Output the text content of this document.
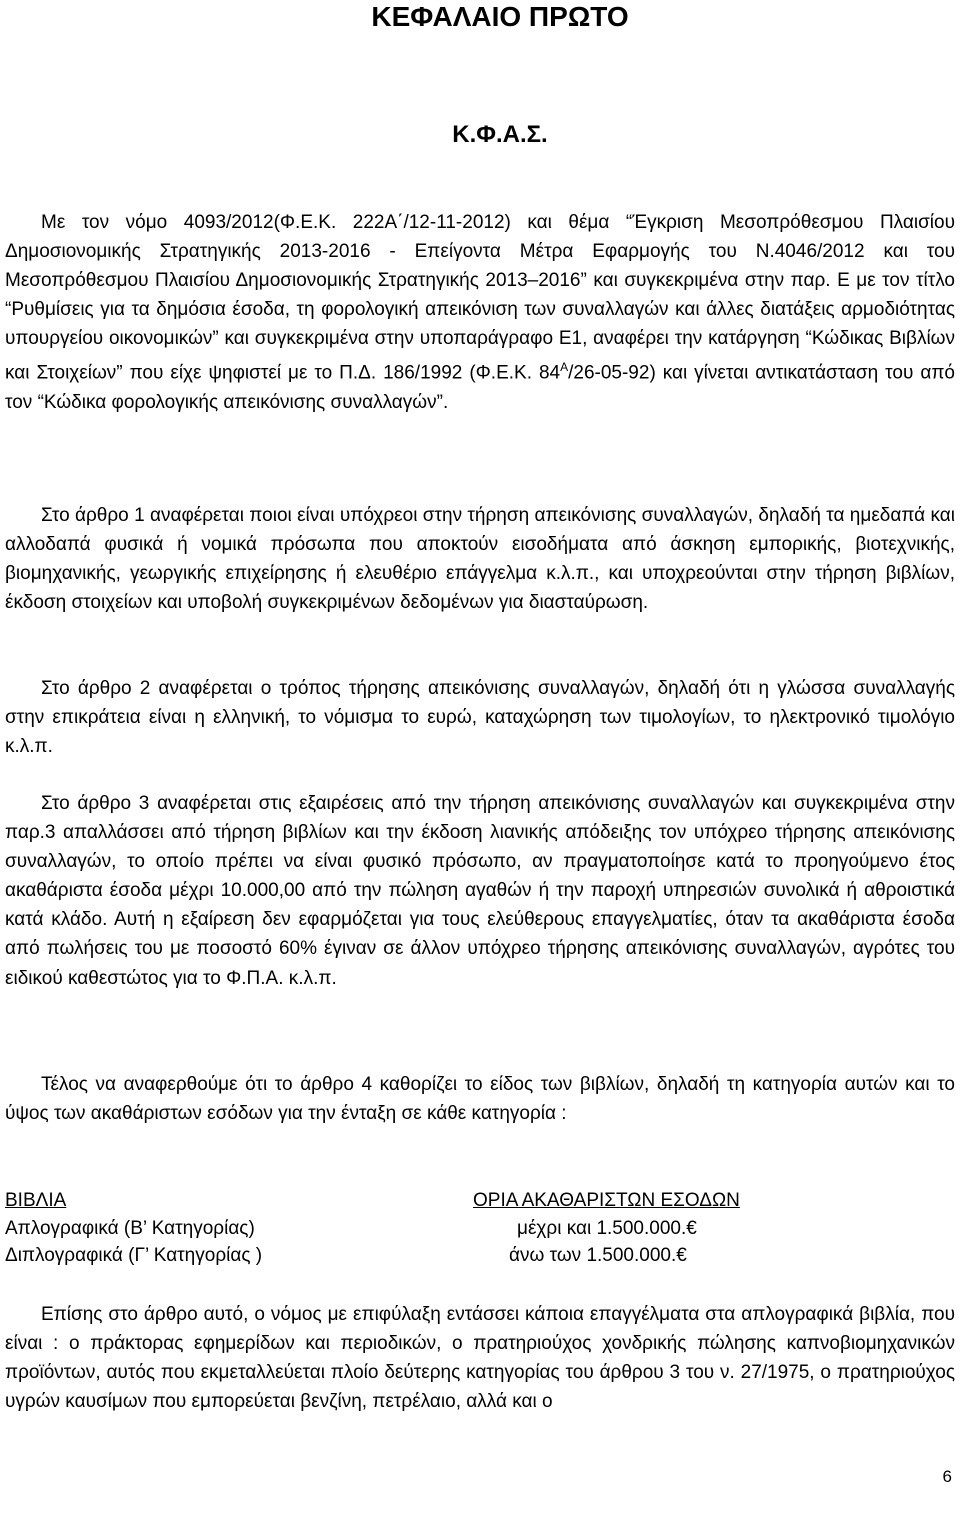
ΚΕΦΑΛΑΙΟ ΠΡΩΤΟ
Κ.Φ.Α.Σ.

Με τον νόμο 4093/2012(Φ.Ε.Κ. 222Α΄/12-11-2012) και θέμα “Έγκριση Μεσοπρόθεσμου Πλαισίου Δημοσιονομικής Στρατηγικής 2013-2016 - Επείγοντα Μέτρα Εφαρμογής του Ν.4046/2012 και του Μεσοπρόθεσμου Πλαισίου Δημοσιονομικής Στρατηγικής 2013–2016” και συγκεκριμένα στην παρ. Ε με τον τίτλο “Ρυθμίσεις για τα δημόσια έσοδα, τη φορολογική απεικόνιση των συναλλαγών και άλλες διατάξεις αρμοδιότητας υπουργείου οικονομικών” και συγκεκριμένα στην υποπαράγραφο Ε1, αναφέρει την κατάργηση “Κώδικας Βιβλίων και Στοιχείων” που είχε ψηφιστεί με το Π.Δ. 186/1992 (Φ.Ε.Κ. $84^A/26-05-92$) και γίνεται αντικατάσταση του από τον “Κώδικα φορολογικής απεικόνισης συναλλαγών”.

Στο άρθρο 1 αναφέρεται ποιοι είναι υπόχρεοι στην τήρηση απεικόνισης συναλλαγών, δηλαδή τα ημεδαπά και αλλοδαπά φυσικά ή νομικά πρόσωπα που αποκτούν εισοδήματα από άσκηση εμπορικής, βιοτεχνικής, βιομηχανικής, γεωργικής επιχείρησης ή ελευθέριο επάγγελμα κ.λ.π., και υποχρεούνται στην τήρηση βιβλίων, έκδοση στοιχείων και υποβολή συγκεκριμένων δεδομένων για διασταύρωση.

Στο άρθρο 2 αναφέρεται ο τρόπος τήρησης απεικόνισης συναλλαγών, δηλαδή ότι η γλώσσα συναλλαγής στην επικράτεια είναι η ελληνική, το νόμισμα το ευρώ, καταχώρηση των τιμολογίων, το ηλεκτρονικό τιμολόγιο κ.λ.π.

Στο άρθρο 3 αναφέρεται στις εξαιρέσεις από την τήρηση απεικόνισης συναλλαγών και συγκεκριμένα στην παρ.3 απαλλάσσει από τήρηση βιβλίων και την έκδοση λιανικής απόδειξης τον υπόχρεο τήρησης απεικόνισης συναλλαγών, το οποίο πρέπει να είναι φυσικό πρόσωπο, αν πραγματοποίησε κατά το προηγούμενο έτος ακαθάριστα έσοδα μέχρι 10.000,00 από την πώληση αγαθών ή την παροχή υπηρεσιών συνολικά ή αθροιστικά κατά κλάδο. Αυτή η εξαίρεση δεν εφαρμόζεται για τους ελεύθερους επαγγελματίες, όταν τα ακαθάριστα έσοδα από πωλήσεις του με ποσοστό 60% έγιναν σε άλλον υπόχρεο τήρησης απεικόνισης συναλλαγών, αγρότες του ειδικού καθεστώτος για το Φ.Π.Α. κ.λ.π.

Τέλος να αναφερθούμε ότι το άρθρο 4 καθορίζει το είδος των βιβλίων, δηλαδή τη κατηγορία αυτών και το ύψος των ακαθάριστων εσόδων για την ένταξη σε κάθε κατηγορία :

ΒΙΒΛΙΑ	ΟΡΙΑ ΑΚΑΘΑΡΙΣΤΩΝ ΕΣΟΔΩΝ
Απλογραφικά (Β’ Κατηγορίας)	μέχρι και 1.500.000.€
Διπλογραφικά (Γ’ Κατηγορίας )	άνω των 1.500.000.€

Επίσης στο άρθρο αυτό, ο νόμος με επιφύλαξη εντάσσει κάποια επαγγέλματα στα απλογραφικά βιβλία, που είναι : ο πράκτορας εφημερίδων και περιοδικών, ο πρατηριούχος χονδρικής πώλησης καπνοβιομηχανικών προϊόντων, αυτός που εκμεταλλεύεται πλοίο δεύτερης κατηγορίας του άρθρου 3 του ν. 27/1975, ο πρατηριούχος υγρών καυσίμων που εμπορεύεται βενζίνη, πετρέλαιο, αλλά και ο

6
